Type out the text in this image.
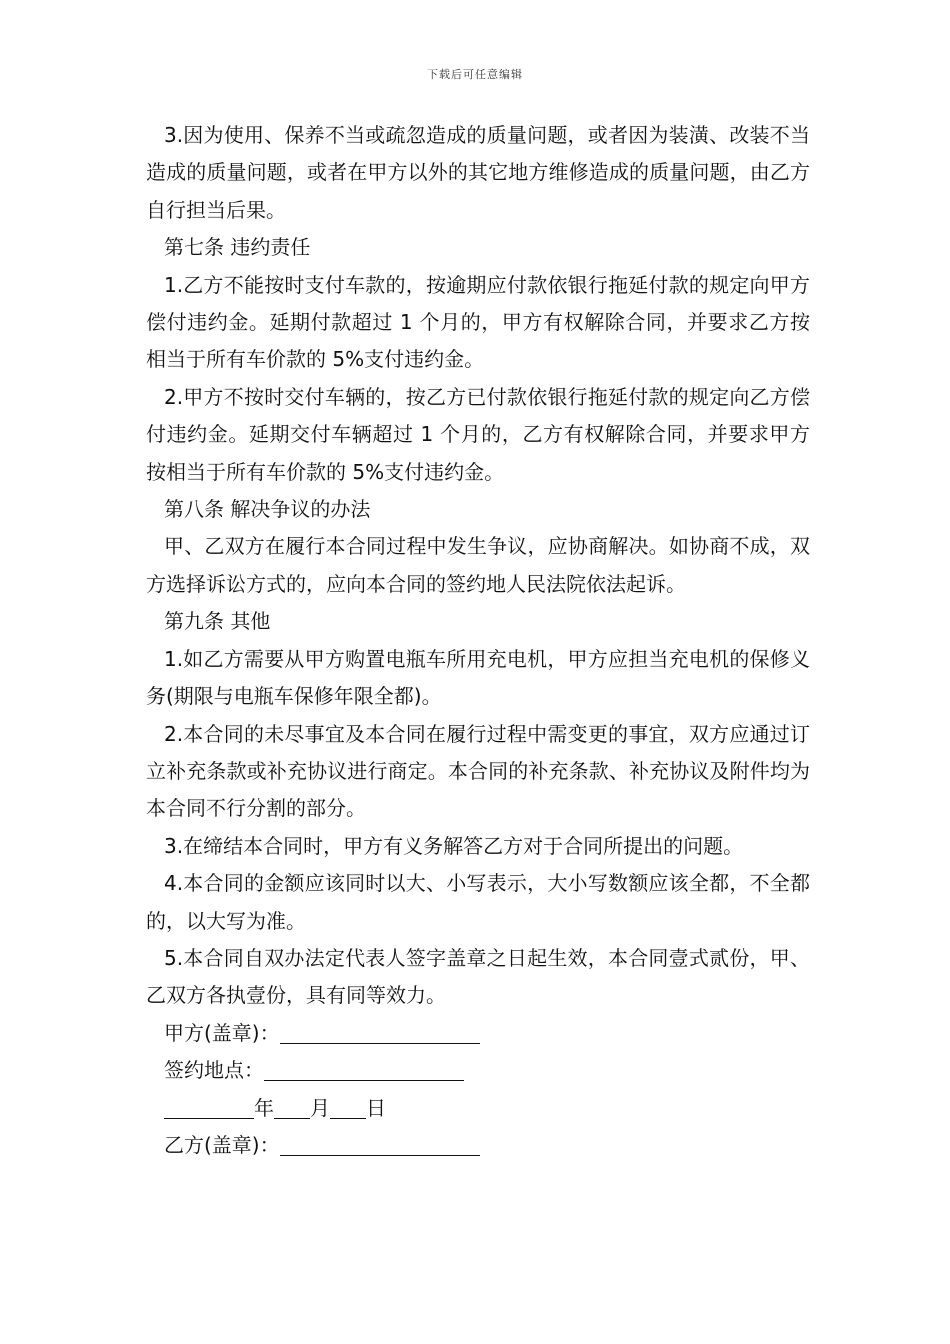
下载后可任意编辑

3.因为使用、保养不当或疏忽造成的质量问题，或者因为装潢、改装不当造成的质量问题，或者在甲方以外的其它地方维修造成的质量问题，由乙方自行担当后果。

第七条 违约责任

1.乙方不能按时支付车款的，按逾期应付款依银行拖延付款的规定向甲方偿付违约金。延期付款超过 1 个月的，甲方有权解除合同，并要求乙方按相当于所有车价款的 5%支付违约金。

2.甲方不按时交付车辆的，按乙方已付款依银行拖延付款的规定向乙方偿付违约金。延期交付车辆超过 1 个月的，乙方有权解除合同，并要求甲方按相当于所有车价款的 5%支付违约金。

第八条 解决争议的办法

甲、乙双方在履行本合同过程中发生争议，应协商解决。如协商不成，双方选择诉讼方式的，应向本合同的签约地人民法院依法起诉。

第九条 其他

1.如乙方需要从甲方购置电瓶车所用充电机，甲方应担当充电机的保修义务(期限与电瓶车保修年限全都)。

2.本合同的未尽事宜及本合同在履行过程中需变更的事宜，双方应通过订立补充条款或补充协议进行商定。本合同的补充条款、补充协议及附件均为本合同不行分割的部分。

3.在缔结本合同时，甲方有义务解答乙方对于合同所提出的问题。

4.本合同的金额应该同时以大、小写表示，大小写数额应该全都，不全都的，以大写为准。

5.本合同自双办法定代表人签字盖章之日起生效，本合同壹式贰份，甲、乙双方各执壹份，具有同等效力。

甲方(盖章)：

签约地点：

年 月 日

乙方(盖章)：
